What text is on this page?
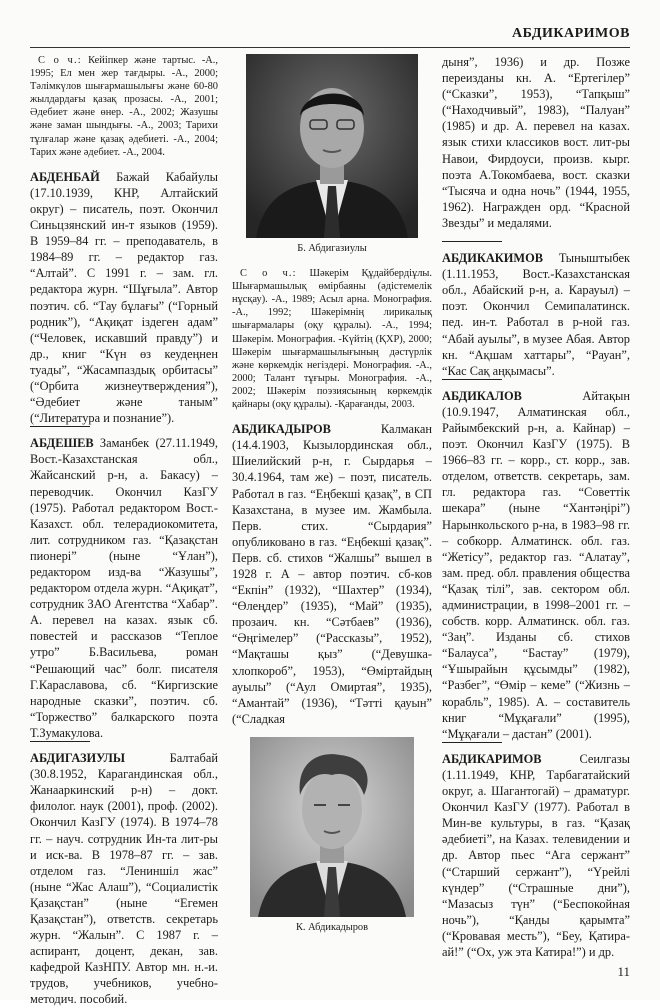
АБДИКАРИМОВ

С о ч.: Кейіпкер және тартыс. -А., 1995; Ел мен жер тағдыры. -А., 2000; Тәлімкүлов шығармашылығы және 60-80 жылдардағы қазақ прозасы. -А., 2001; Әдебиет және өнер. -А., 2002; Жазушы және заман шындығы. -А., 2003; Тарихи тұлғалар және қазақ әдебиеті. -А., 2004; Тарих және әдебиет. -А., 2004.

АБДЕНБАЙ Бажай Кабайулы (17.10.1939, КНР, Алтайский округ) – писатель, поэт. Окончил Синьцзянский ин-т языков (1959). В 1959–84 гг. – преподаватель, в 1984–89 гг. – редактор газ. “Алтай”. С 1991 г. – зам. гл. редактора журн. “Шұғыла”. Автор поэтич. сб. “Тау бұлағы” (“Горный родник”), “Ақиқат іздеген адам” (“Человек, искавший правду”) и др., книг “Күн өз кеудеңнен туады”, “Жасампаздық орбитасы” (“Орбита жизнеутверждения”), “Әдебиет және таным” (“Литература и познание”).

АБДЕШЕВ Заманбек (27.11.1949, Вост.-Казахстанская обл., Жайсанский р-н, а. Бакасу) – переводчик. Окончил КазГУ (1975). Работал редактором Вост.-Казахст. обл. телерадиокомитета, лит. сотрудником газ. “Қазақстан пионері” (ныне “Ұлан”), редактором изд-ва “Жазушы”, редактором отдела журн. “Ақиқат”, сотрудник ЗАО Агентства “Хабар”. А. перевел на казах. язык сб. повестей и рассказов “Теплое утро” Б.Васильева, роман “Решающий час” болг. писателя Г.Караславова, сб. “Киргизские народные сказки”, поэтич. сб. “Торжество” балкарского поэта Т.Зумакулова.

АБДИГАЗИУЛЫ Балтабай (30.8.1952, Карагандинская обл., Жанааркинский р-н) – докт. филолог. наук (2001), проф. (2002). Окончил КазГУ (1974). В 1974–78 гг. – науч. сотрудник Ин-та лит-ры и иск-ва. В 1978–87 гг. – зав. отделом газ. “Лениншіл жас” (ныне “Жас Алаш”), “Социалистік Қазақстан” (ныне “Егемен Қазақстан”), ответств. секретарь журн. “Жалын”. С 1987 г. – аспирант, доцент, декан, зав. кафедрой КазНПУ. Автор мн. н.-и. трудов, учебников, учебно-методич. пособий.

Б. Абдигазиулы

С о ч.: Шәкерім Құдайбердіұлы. Шығармашылық өмірбаяны (әдістемелік нұсқау). -А., 1989; Асыл арна. Монография. -А., 1992; Шәкерімнің лирикалық шығармалары (оқу құралы). -А., 1994; Шәкерім. Монография. -Күйтің (ҚХР), 2000; Шәкерім шығармашылығының дәстүрлік және көркемдік негіздері. Монография. -А., 2000; Талант тұғыры. Монография. -А., 2002; Шәкерім поэзиясының көркемдік қайнары (оқу құралы). -Қарағанды, 2003.

АБДИКАДЫРОВ Калмакан (14.4.1903, Кызылординская обл., Шиелийский р-н, г. Сырдарья – 30.4.1964, там же) – поэт, писатель. Работал в газ. “Еңбекші қазақ”, в СП Казахстана, в музее им. Жамбыла. Перв. стих. “Сырдария” опубликовано в газ. “Еңбекші қазақ”. Перв. сб. стихов “Жалшы” вышел в 1928 г. А – автор поэтич. сб-ков “Екпін” (1932), “Шахтер” (1934), “Өлеңдер” (1935), “Май” (1935), прозаич. кн. “Сәтбаев” (1936), “Әңгімелер” (“Рассказы”, 1952), “Мақташы қыз” (“Девушка-хлопкороб”, 1953), “Өміртайдың ауылы” (“Аул Омиртая”, 1935), “Амантай” (1936), “Тәтті қауын” (“Сладкая

К. Абдикадыров

дыня”, 1936) и др. Позже переизданы кн. А. “Ертегілер” (“Сказки”, 1953), “Тапқыш” (“Находчивый”, 1983), “Палуан” (1985) и др. А. перевел на казах. язык стихи классиков вост. лит-ры Навои, Фирдоуси, произв. кырг. поэта А.Токомбаева, вост. сказки “Тысяча и одна ночь” (1944, 1955, 1962). Награжден орд. “Красной Звезды” и медалями.

АБДИКАКИМОВ Тыныштыбек (1.11.1953, Вост.-Казахстанская обл., Абайский р-н, а. Карауыл) – поэт. Окончил Семипалатинск. пед. ин-т. Работал в р-ной газ. “Абай ауылы”, в музее Абая. Автор кн. “Ақшам хаттары”, “Рауан”, “Кас Сақ аңқымасы”.

АБДИКАЛОВ Айтақын (10.9.1947, Алматинская обл., Райымбекский р-н, а. Кайнар) – поэт. Окончил КазГУ (1975). В 1966–83 гг. – корр., ст. корр., зав. отделом, ответств. секретарь, зам. гл. редактора газ. “Советтік шекара” (ныне “Хантәңірі”) Нарынкольского р-на, в 1983–98 гг. – собкорр. Алматинск. обл. газ. “Жетісу”, редактор газ. “Алатау”, зам. пред. обл. правления общества “Қазақ тілі”, зав. сектором обл. администрации, в 1998–2001 гг. – собств. корр. Алматинск. обл. газ. “Заң”. Изданы сб. стихов “Балауса”, “Бастау” (1979), “Ұшырайын құсымды” (1982), “Разбег”, “Өмір – кеме” (“Жизнь – корабль”, 1985). А. – составитель книг “Мұқағали” (1995), “Мұқағали – дастан” (2001).

АБДИКАРИМОВ Сеилгазы (1.11.1949, КНР, Тарбагатайский округ, а. Шагантогай) – драматург. Окончил КазГУ (1977). Работал в Мин-ве культуры, в газ. “Қазақ әдебиеті”, на Казах. телевидении и др. Автор пьес “Ага сержант” (“Старший сержант”), “Үрейлі күндер” (“Страшные дни”), “Мазасыз түн” (“Беспокойная ночь”), “Қанды қарымта” (“Кровавая месть”), “Беу, Қатира-ай!” (“Ох, уж эта Катира!”) и др.

11
